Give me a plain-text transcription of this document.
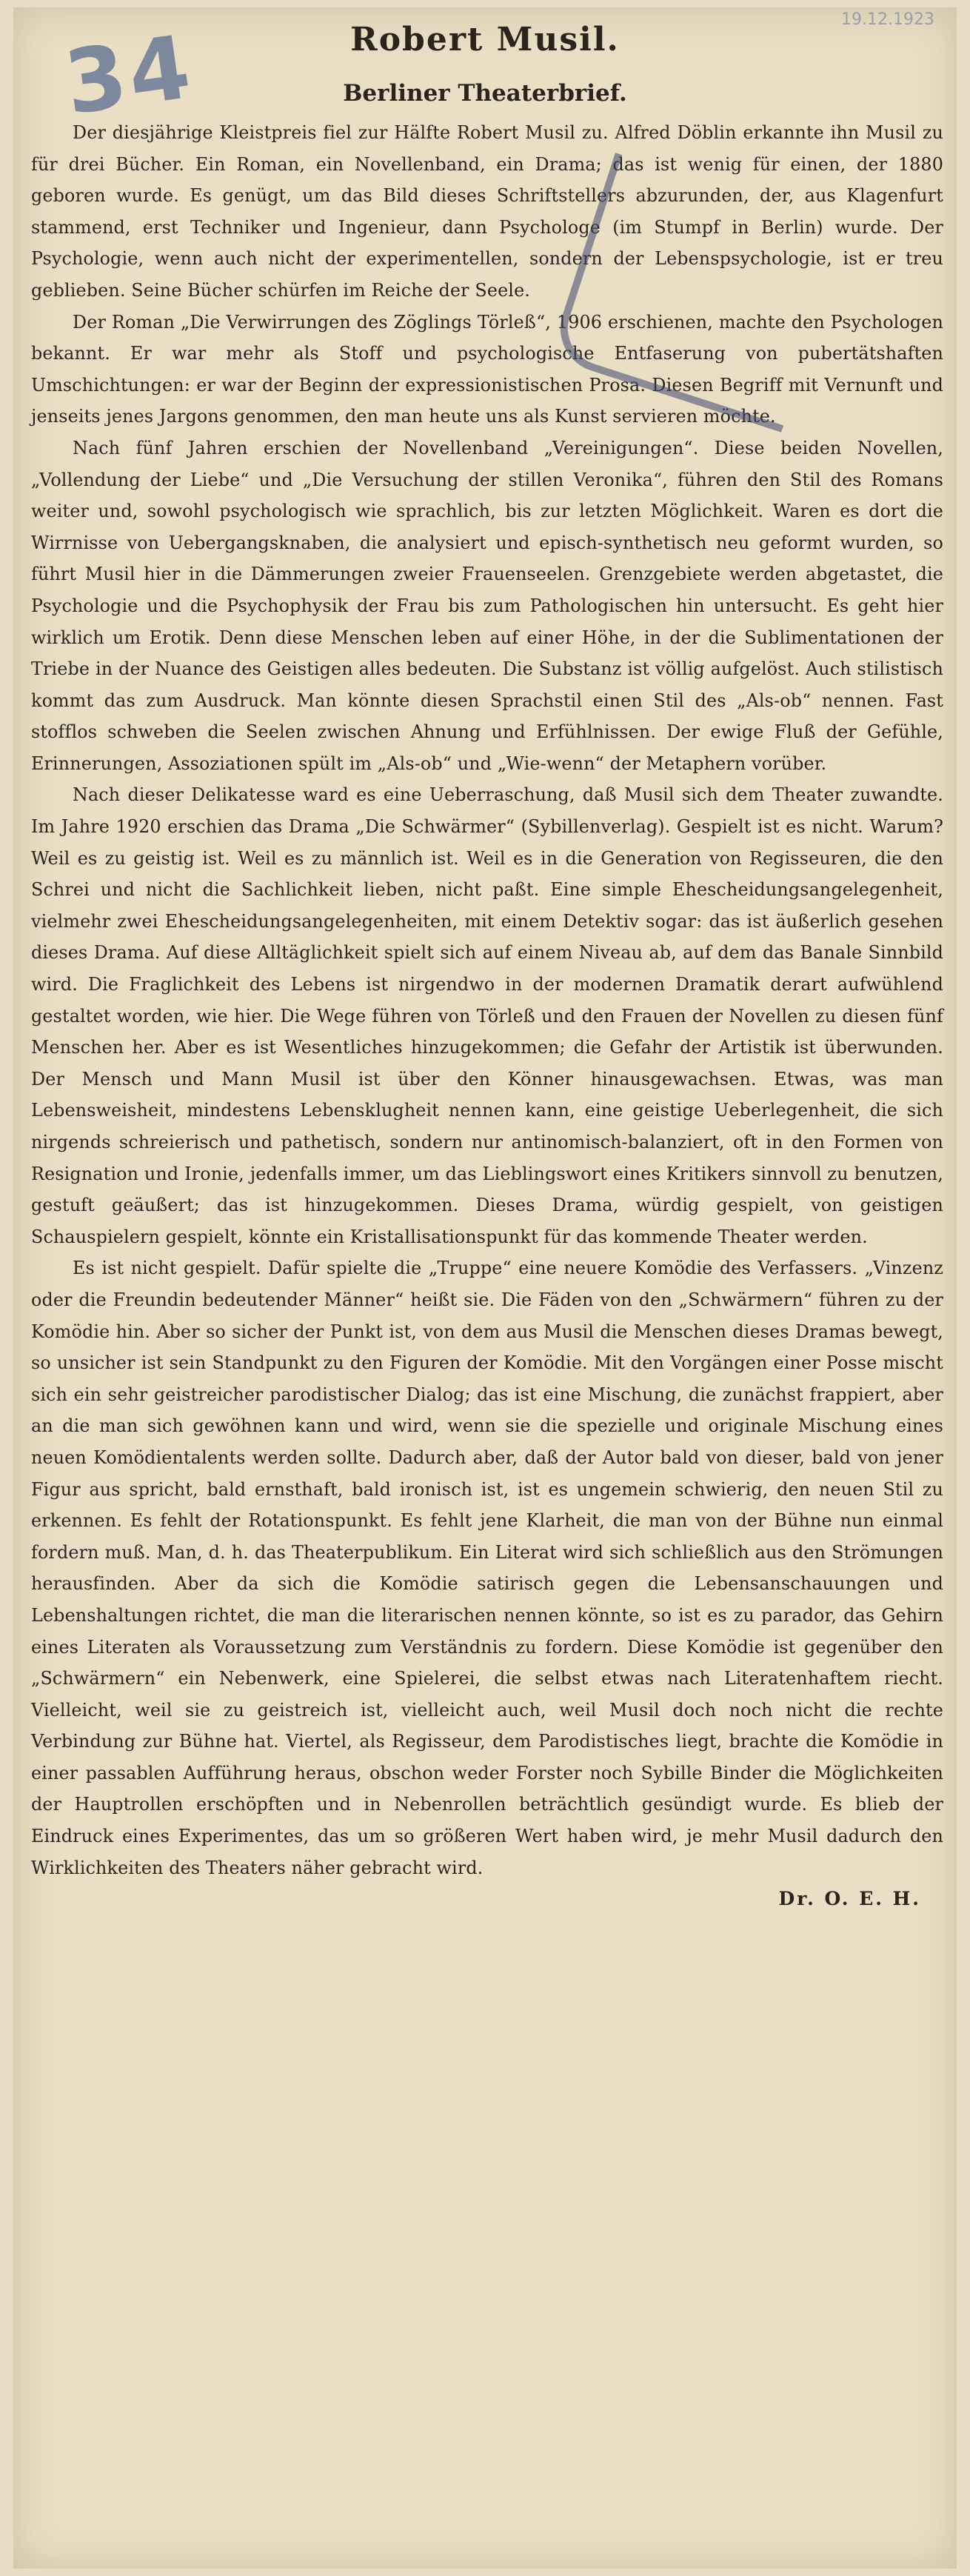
34	19.12.1923
Robert Musil.
Berliner Theaterbrief.

Der diesjährige Kleistpreis fiel zur Hälfte Robert Musil zu. Alfred Döblin erkannte ihn Musil zu für drei Bücher. Ein Roman, ein Novellenband, ein Drama; das ist wenig für einen, der 1880 geboren wurde. Es genügt, um das Bild dieses Schriftstellers abzurunden, der, aus Klagenfurt stammend, erst Techniker und Ingenieur, dann Psychologe (im Stumpf in Berlin) wurde. Der Psychologie, wenn auch nicht der experimentellen, sondern der Lebenspsychologie, ist er treu geblieben. Seine Bücher schürfen im Reiche der Seele.

Der Roman „Die Verwirrungen des Zöglings Törleß“, 1906 erschienen, machte den Psychologen bekannt. Er war mehr als Stoff und psychologische Entfaserung von pubertätshaften Umschichtungen: er war der Beginn der expressionistischen Prosa. Diesen Begriff mit Vernunft und jenseits jenes Jargons genommen, den man heute uns als Kunst servieren möchte.

Nach fünf Jahren erschien der Novellenband „Vereinigungen“. Diese beiden Novellen, „Vollendung der Liebe“ und „Die Versuchung der stillen Veronika“, führen den Stil des Romans weiter und, sowohl psychologisch wie sprachlich, bis zur letzten Möglichkeit. Waren es dort die Wirrnisse von Uebergangsknaben, die analysiert und episch-synthetisch neu geformt wurden, so führt Musil hier in die Dämmerungen zweier Frauenseelen. Grenzgebiete werden abgetastet, die Psychologie und die Psychophysik der Frau bis zum Pathologischen hin untersucht. Es geht hier wirklich um Erotik. Denn diese Menschen leben auf einer Höhe, in der die Sublimentationen der Triebe in der Nuance des Geistigen alles bedeuten. Die Substanz ist völlig aufgelöst. Auch stilistisch kommt das zum Ausdruck. Man könnte diesen Sprachstil einen Stil des „Als-ob“ nennen. Fast stofflos schweben die Seelen zwischen Ahnung und Erfühlnissen. Der ewige Fluß der Gefühle, Erinnerungen, Assoziationen spült im „Als-ob“ und „Wie-wenn“ der Metaphern vorüber.

Nach dieser Delikatesse ward es eine Ueberraschung, daß Musil sich dem Theater zuwandte. Im Jahre 1920 erschien das Drama „Die Schwärmer“ (Sybillenverlag). Gespielt ist es nicht. Warum? Weil es zu geistig ist. Weil es zu männlich ist. Weil es in die Generation von Regisseuren, die den Schrei und nicht die Sachlichkeit lieben, nicht paßt. Eine simple Ehescheidungsangelegenheit, vielmehr zwei Ehescheidungsangelegenheiten, mit einem Detektiv sogar: das ist äußerlich gesehen dieses Drama. Auf diese Alltäglichkeit spielt sich auf einem Niveau ab, auf dem das Banale Sinnbild wird. Die Fraglichkeit des Lebens ist nirgendwo in der modernen Dramatik derart aufwühlend gestaltet worden, wie hier. Die Wege führen von Törleß und den Frauen der Novellen zu diesen fünf Menschen her. Aber es ist Wesentliches hinzugekommen; die Gefahr der Artistik ist überwunden. Der Mensch und Mann Musil ist über den Könner hinausgewachsen. Etwas, was man Lebensweisheit, mindestens Lebensklugheit nennen kann, eine geistige Ueberlegenheit, die sich nirgends schreierisch und pathetisch, sondern nur antinomisch-balanziert, oft in den Formen von Resignation und Ironie, jedenfalls immer, um das Lieblingswort eines Kritikers sinnvoll zu benutzen, gestuft geäußert; das ist hinzugekommen. Dieses Drama, würdig gespielt, von geistigen Schauspielern gespielt, könnte ein Kristallisationspunkt für das kommende Theater werden.

Es ist nicht gespielt. Dafür spielte die „Truppe“ eine neuere Komödie des Verfassers. „Vinzenz oder die Freundin bedeutender Männer“ heißt sie. Die Fäden von den „Schwärmern“ führen zu der Komödie hin. Aber so sicher der Punkt ist, von dem aus Musil die Menschen dieses Dramas bewegt, so unsicher ist sein Standpunkt zu den Figuren der Komödie. Mit den Vorgängen einer Posse mischt sich ein sehr geistreicher parodistischer Dialog; das ist eine Mischung, die zunächst frappiert, aber an die man sich gewöhnen kann und wird, wenn sie die spezielle und originale Mischung eines neuen Komödientalents werden sollte. Dadurch aber, daß der Autor bald von dieser, bald von jener Figur aus spricht, bald ernsthaft, bald ironisch ist, ist es ungemein schwierig, den neuen Stil zu erkennen. Es fehlt der Rotationspunkt. Es fehlt jene Klarheit, die man von der Bühne nun einmal fordern muß. Man, d. h. das Theaterpublikum. Ein Literat wird sich schließlich aus den Strömungen herausfinden. Aber da sich die Komödie satirisch gegen die Lebensanschauungen und Lebenshaltungen richtet, die man die literarischen nennen könnte, so ist es zu parador, das Gehirn eines Literaten als Voraussetzung zum Verständnis zu fordern. Diese Komödie ist gegenüber den „Schwärmern“ ein Nebenwerk, eine Spielerei, die selbst etwas nach Literatenhaftem riecht. Vielleicht, weil sie zu geistreich ist, vielleicht auch, weil Musil doch noch nicht die rechte Verbindung zur Bühne hat. Viertel, als Regisseur, dem Parodistisches liegt, brachte die Komödie in einer passablen Aufführung heraus, obschon weder Forster noch Sybille Binder die Möglichkeiten der Hauptrollen erschöpften und in Nebenrollen beträchtlich gesündigt wurde. Es blieb der Eindruck eines Experimentes, das um so größeren Wert haben wird, je mehr Musil dadurch den Wirklichkeiten des Theaters näher gebracht wird.

Dr. O. E. H.
